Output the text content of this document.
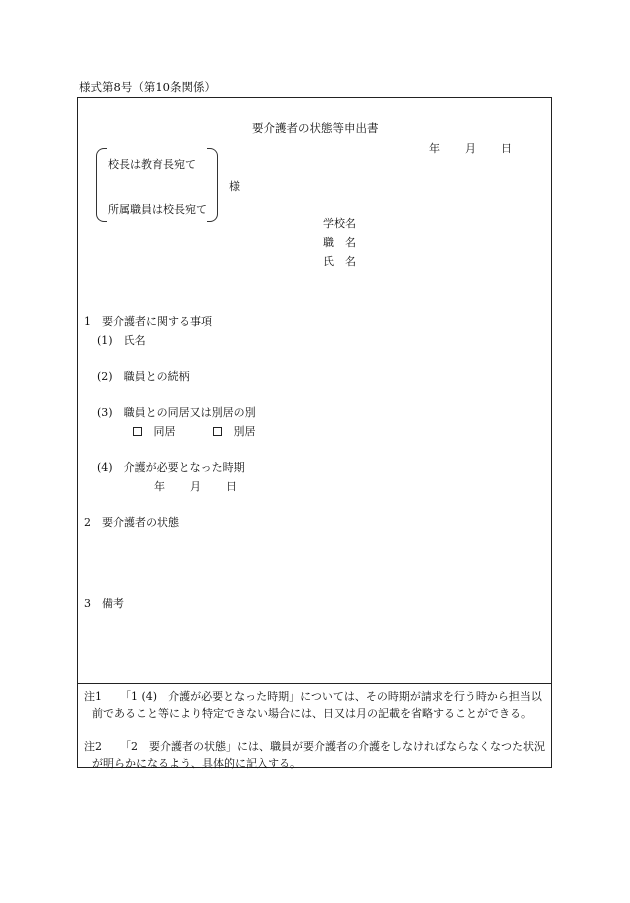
様式第8号（第10条関係）
要介護者の状態等申出書
年 月 日
校長は教育長宛て
所属職員は校長宛て
様
学校名
職　名
氏　名
1　要介護者に関する事項
(1)　氏名
(2)　職員との続柄
(3)　職員との同居又は別居の別
同居	別居
(4)　介護が必要となった時期
年 月 日
2　要介護者の状態
3　備考
注1	「1 (4)　介護が必要となった時期」については、その時期が請求を行う時から担当以前であること等により特定できない場合には、日又は月の記載を省略することができる。
注2	「2　要介護者の状態」には、職員が要介護者の介護をしなければならなくなつた状況が明らかになるよう、具体的に記入する。
